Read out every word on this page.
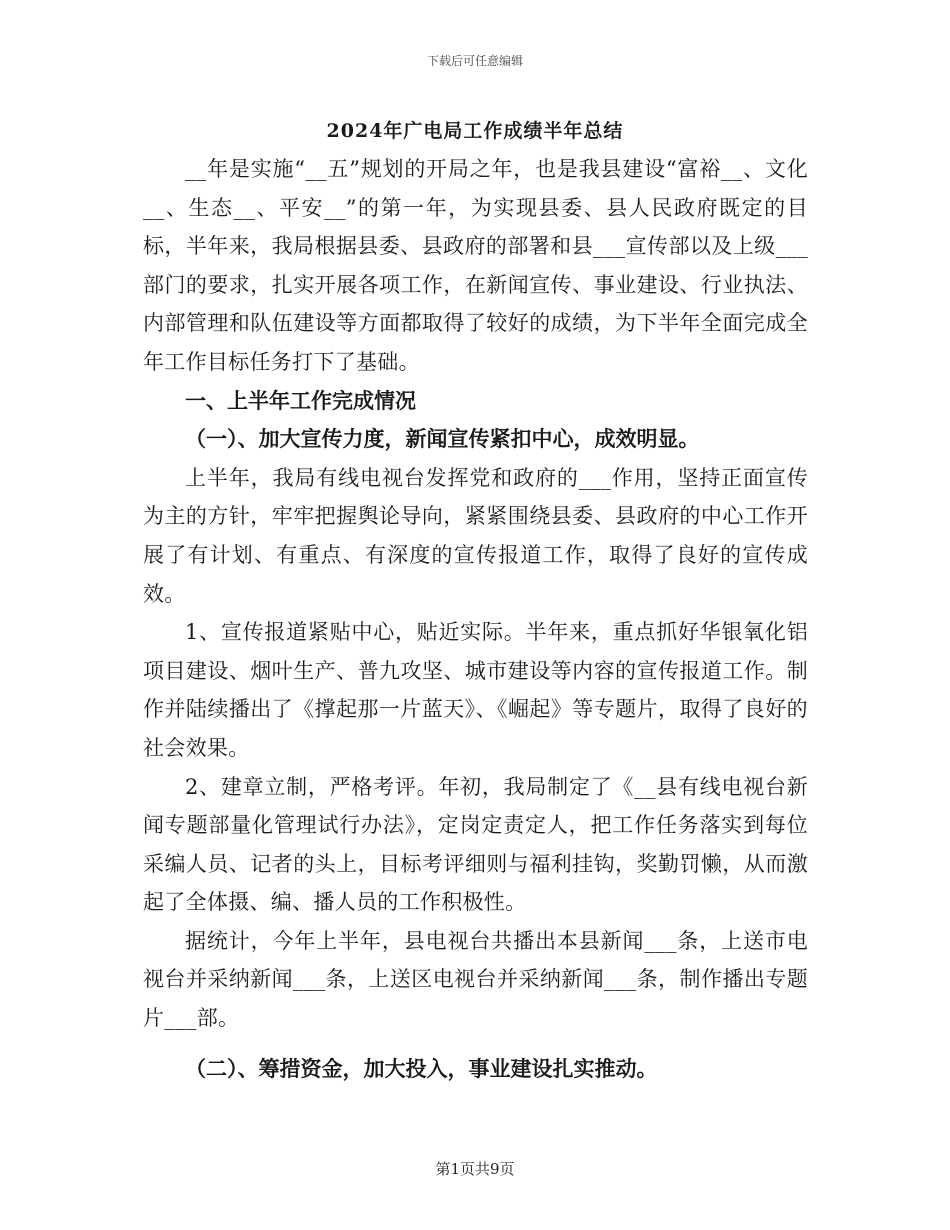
下载后可任意编辑
2024年广电局工作成绩半年总结

__年是实施“__五”规划的开局之年，也是我县建设“富裕__、文化__、生态__、平安__”的第一年，为实现县委、县人民政府既定的目标，半年来，我局根据县委、县政府的部署和县___宣传部以及上级___部门的要求，扎实开展各项工作，在新闻宣传、事业建设、行业执法、内部管理和队伍建设等方面都取得了较好的成绩，为下半年全面完成全年工作目标任务打下了基础。

一、上半年工作完成情况

（一）、加大宣传力度，新闻宣传紧扣中心，成效明显。

上半年，我局有线电视台发挥党和政府的___作用，坚持正面宣传为主的方针，牢牢把握舆论导向，紧紧围绕县委、县政府的中心工作开展了有计划、有重点、有深度的宣传报道工作，取得了良好的宣传成效。

1、宣传报道紧贴中心，贴近实际。半年来，重点抓好华银氧化铝项目建设、烟叶生产、普九攻坚、城市建设等内容的宣传报道工作。制作并陆续播出了《撑起那一片蓝天》、《崛起》等专题片，取得了良好的社会效果。

2、建章立制，严格考评。年初，我局制定了《__县有线电视台新闻专题部量化管理试行办法》，定岗定责定人，把工作任务落实到每位采编人员、记者的头上，目标考评细则与福利挂钩，奖勤罚懒，从而激起了全体摄、编、播人员的工作积极性。

据统计，今年上半年，县电视台共播出本县新闻___条，上送市电视台并采纳新闻___条，上送区电视台并采纳新闻___条，制作播出专题片___部。

（二）、筹措资金，加大投入，事业建设扎实推动。

第1页共9页
